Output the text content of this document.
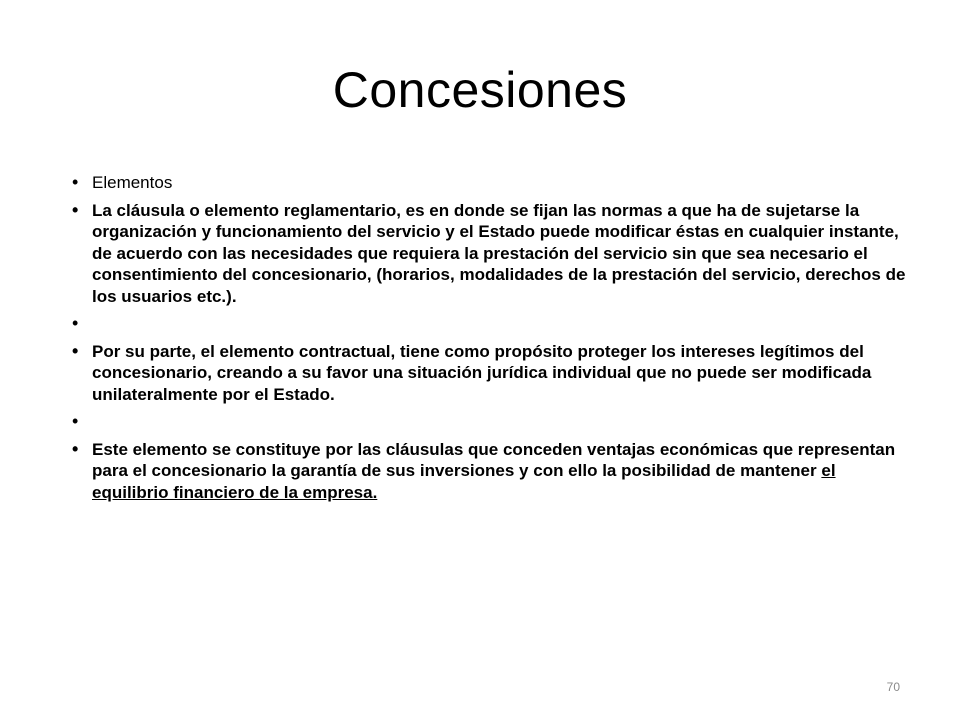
Concesiones
• Elementos
• La cláusula o elemento reglamentario, es en donde se fijan las normas a que ha de sujetarse la organización y funcionamiento del servicio y el Estado puede modificar éstas en cualquier instante, de acuerdo con las necesidades que requiera la prestación del servicio sin que sea necesario el consentimiento del concesionario, (horarios, modalidades de la prestación del servicio, derechos de los usuarios etc.).
•
• Por su parte, el elemento contractual, tiene como propósito proteger los intereses legítimos del concesionario, creando a su favor una situación jurídica individual que no puede ser modificada unilateralmente por el Estado.
•
• Este elemento se constituye por las cláusulas que conceden ventajas económicas que representan para el concesionario la garantía de sus inversiones y con ello la posibilidad de mantener el equilibrio financiero de la empresa.
70
